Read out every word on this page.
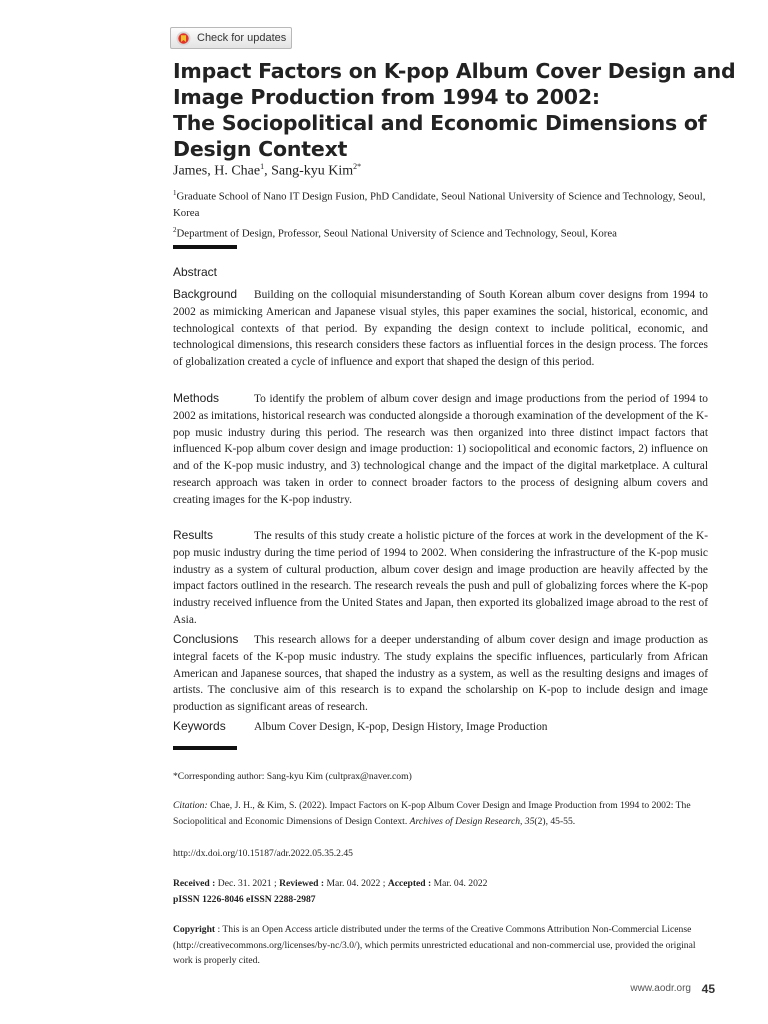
Check for updates
Impact Factors on K-pop Album Cover Design and
Image Production from 1994 to 2002:
The Sociopolitical and Economic Dimensions of
Design Context
James, H. Chae$^1$, Sang-kyu Kim$^{2*}$

$^1$Graduate School of Nano IT Design Fusion, PhD Candidate, Seoul National University of Science and Technology, Seoul, Korea

$^2$Department of Design, Professor, Seoul National University of Science and Technology, Seoul, Korea

Abstract

Background Building on the colloquial misunderstanding of South Korean album cover designs from 1994 to 2002 as mimicking American and Japanese visual styles, this paper examines the social, historical, economic, and technological contexts of that period. By expanding the design context to include political, economic, and technological dimensions, this research considers these factors as influential forces in the design process. The forces of globalization created a cycle of influence and export that shaped the design of this period.

Methods	To identify the problem of album cover design and image productions from the period of 1994 to 2002 as imitations, historical research was conducted alongside a thorough examination of the development of the K-pop music industry during this period. The research was then organized into three distinct impact factors that influenced K-pop album cover design and image production: 1) sociopolitical and economic factors, 2) influence on and of the K-pop music industry, and 3) technological change and the impact of the digital marketplace. A cultural research approach was taken in order to connect broader factors to the process of designing album covers and creating images for the K-pop industry.

Results	The results of this study create a holistic picture of the forces at work in the development of the K-pop music industry during the time period of 1994 to 2002. When considering the infrastructure of the K-pop music industry as a system of cultural production, album cover design and image production are heavily affected by the impact factors outlined in the research. The research reveals the push and pull of globalizing forces where the K-pop industry received influence from the United States and Japan, then exported its globalized image abroad to the rest of Asia.

Conclusions This research allows for a deeper understanding of album cover design and image production as integral facets of the K-pop music industry. The study explains the specific influences, particularly from African American and Japanese sources, that shaped the industry as a system, as well as the resulting designs and images of artists. The conclusive aim of this research is to expand the scholarship on K-pop to include design and image production as significant areas of research.

Keywords Album Cover Design, K-pop, Design History, Image Production

*Corresponding author: Sang-kyu Kim (cultprax@naver.com)

Citation: Chae, J. H., & Kim, S. (2022). Impact Factors on K-pop Album Cover Design and Image Production from 1994 to 2002: The Sociopolitical and Economic Dimensions of Design Context. Archives of Design Research, 35(2), 45-55.

http://dx.doi.org/10.15187/adr.2022.05.35.2.45

Received : Dec. 31. 2021 ; Reviewed : Mar. 04. 2022 ; Accepted : Mar. 04. 2022
pISSN 1226-8046 eISSN 2288-2987

Copyright : This is an Open Access article distributed under the terms of the Creative Commons Attribution Non-Commercial License (http://creativecommons.org/licenses/by-nc/3.0/), which permits unrestricted educational and non-commercial use, provided the original work is properly cited.

www.aodr.org 45
